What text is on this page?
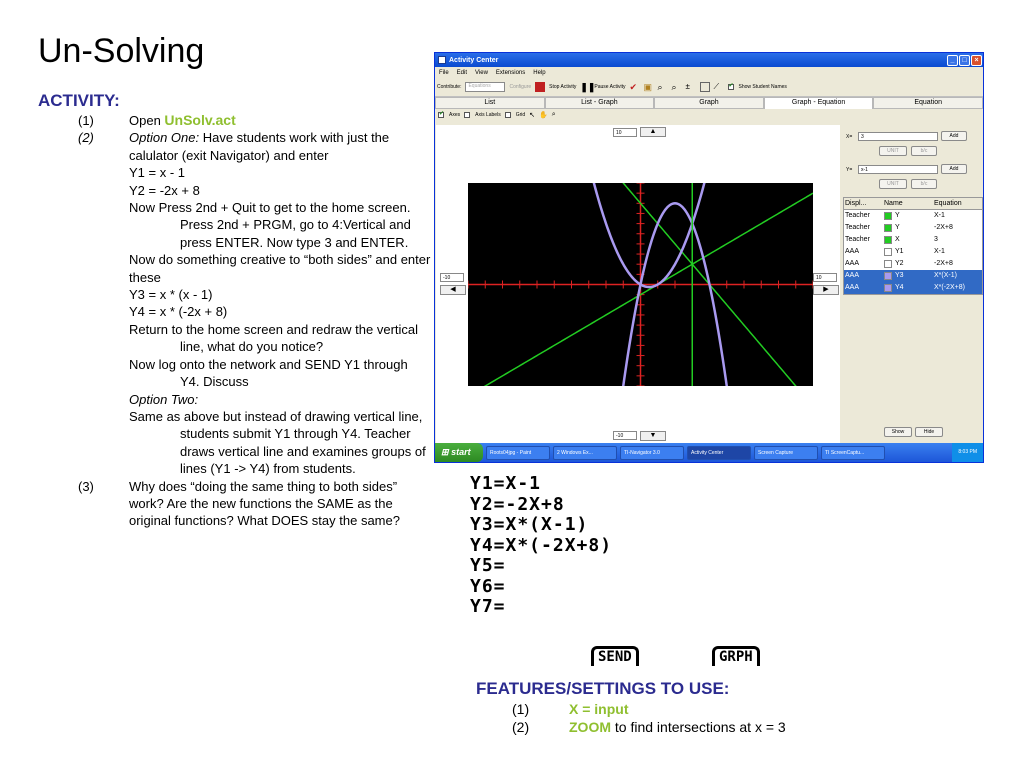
Un-Solving
ACTIVITY:
(1)	Open UnSolv.act
(2)	Option One: Have students work with just the calulator (exit Navigator) and enter
Y1 = x - 1
Y2 = -2x + 8
Now Press 2nd + Quit to get to the home screen. Press 2nd + PRGM, go to 4:Vertical and press ENTER. Now type 3 and ENTER.
Now do something creative to “both sides” and enter these
Y3 = x * (x - 1)
Y4 = x * (-2x + 8)
Return to the home screen and redraw the vertical line, what do you notice?
Now log onto the network and SEND Y1 through Y4. Discuss
Option Two:
Same as above but instead of drawing vertical line, students submit Y1 through Y4. Teacher draws vertical line and examines groups of lines (Y1 -> Y4) from students.
(3)	Why does “doing the same thing to both sides” work? Are the new functions the SAME as the original functions? What DOES stay the same?
Activity Center	_	□	×
File Edit View Extensions Help
Contribute:	Equations	Configure	Stop Activity ❚❚
Pause Activity ✔ ▣ ⌕ ⌕	±	⟋	✔ Show Student Names
List	List - Graph	Graph	Graph - Equation	Equation
✔ Axes	Axis Labels	Grid ↖ ✋ ⌕
10	▲
-10
◀
10
▶
-10	▼
X=	3	Add
UNIT	b/c
Y=	x-1	Add
UNIT	b/c
Displ...	Name	Equation
Teacher	Y	X-1
Teacher	Y	-2X+8
Teacher	X	3
AAA	Y1	X-1
AAA	Y2	-2X+8
AAA	Y3	X*(X-1)
AAA	Y4	X*(-2X+8)
Show	Hide
⊞ start	Roots04jpg - Paint	2 Windows Ex...	TI-Navigator 3.0	Activity Center	Screen Capture	TI ScreenCaptu...	8:03 PM
Y1=X-1
Y2=-2X+8
Y3=X*(X-1)
Y4=X*(-2X+8)
Y5=
Y6=
Y7=
SEND	GRPH
FEATURES/SETTINGS TO USE:
(1)	X = input
(2)	ZOOM to find intersections at x = 3
